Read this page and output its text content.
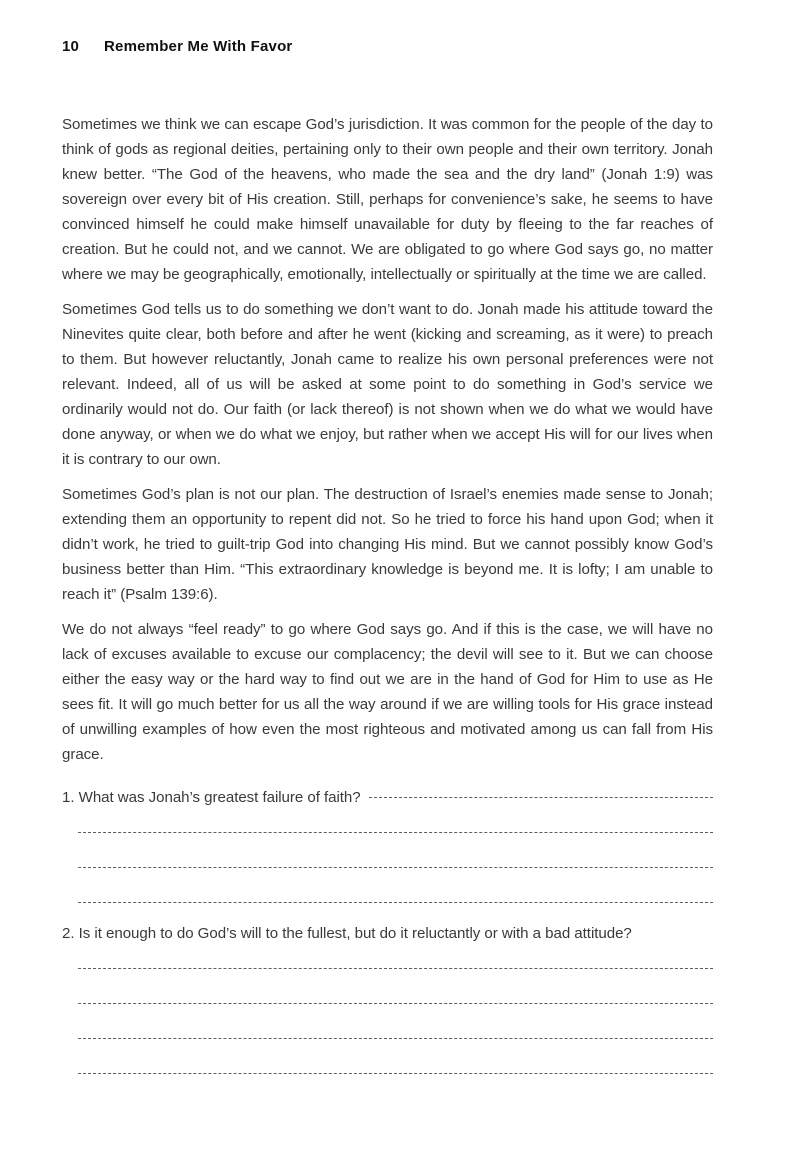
10	Remember Me With Favor

Sometimes we think we can escape God’s jurisdiction. It was common for the people of the day to think of gods as regional deities, pertaining only to their own people and their own territory. Jonah knew better. “The God of the heavens, who made the sea and the dry land” (Jonah 1:9) was sovereign over every bit of His creation. Still, perhaps for convenience’s sake, he seems to have convinced himself he could make himself unavailable for duty by fleeing to the far reaches of creation. But he could not, and we cannot. We are obligated to go where God says go, no matter where we may be geographically, emotionally, intellectually or spiritually at the time we are called.

Sometimes God tells us to do something we don’t want to do. Jonah made his attitude toward the Ninevites quite clear, both before and after he went (kicking and screaming, as it were) to preach to them. But however reluctantly, Jonah came to realize his own personal preferences were not relevant. Indeed, all of us will be asked at some point to do something in God’s service we ordinarily would not do. Our faith (or lack thereof) is not shown when we do what we would have done anyway, or when we do what we enjoy, but rather when we accept His will for our lives when it is contrary to our own.

Sometimes God’s plan is not our plan. The destruction of Israel’s enemies made sense to Jonah; extending them an opportunity to repent did not. So he tried to force his hand upon God; when it didn’t work, he tried to guilt-trip God into changing His mind. But we cannot possibly know God’s business better than Him. “This extraordinary knowledge is beyond me. It is lofty; I am unable to reach it” (Psalm 139:6).

We do not always “feel ready” to go where God says go. And if this is the case, we will have no lack of excuses available to excuse our complacency; the devil will see to it. But we can choose either the easy way or the hard way to find out we are in the hand of God for Him to use as He sees fit. It will go much better for us all the way around if we are willing tools for His grace instead of unwilling examples of how even the most righteous and motivated among us can fall from His grace.

1. What was Jonah’s greatest failure of faith?
2. Is it enough to do God’s will to the fullest, but do it reluctantly or with a bad attitude?
